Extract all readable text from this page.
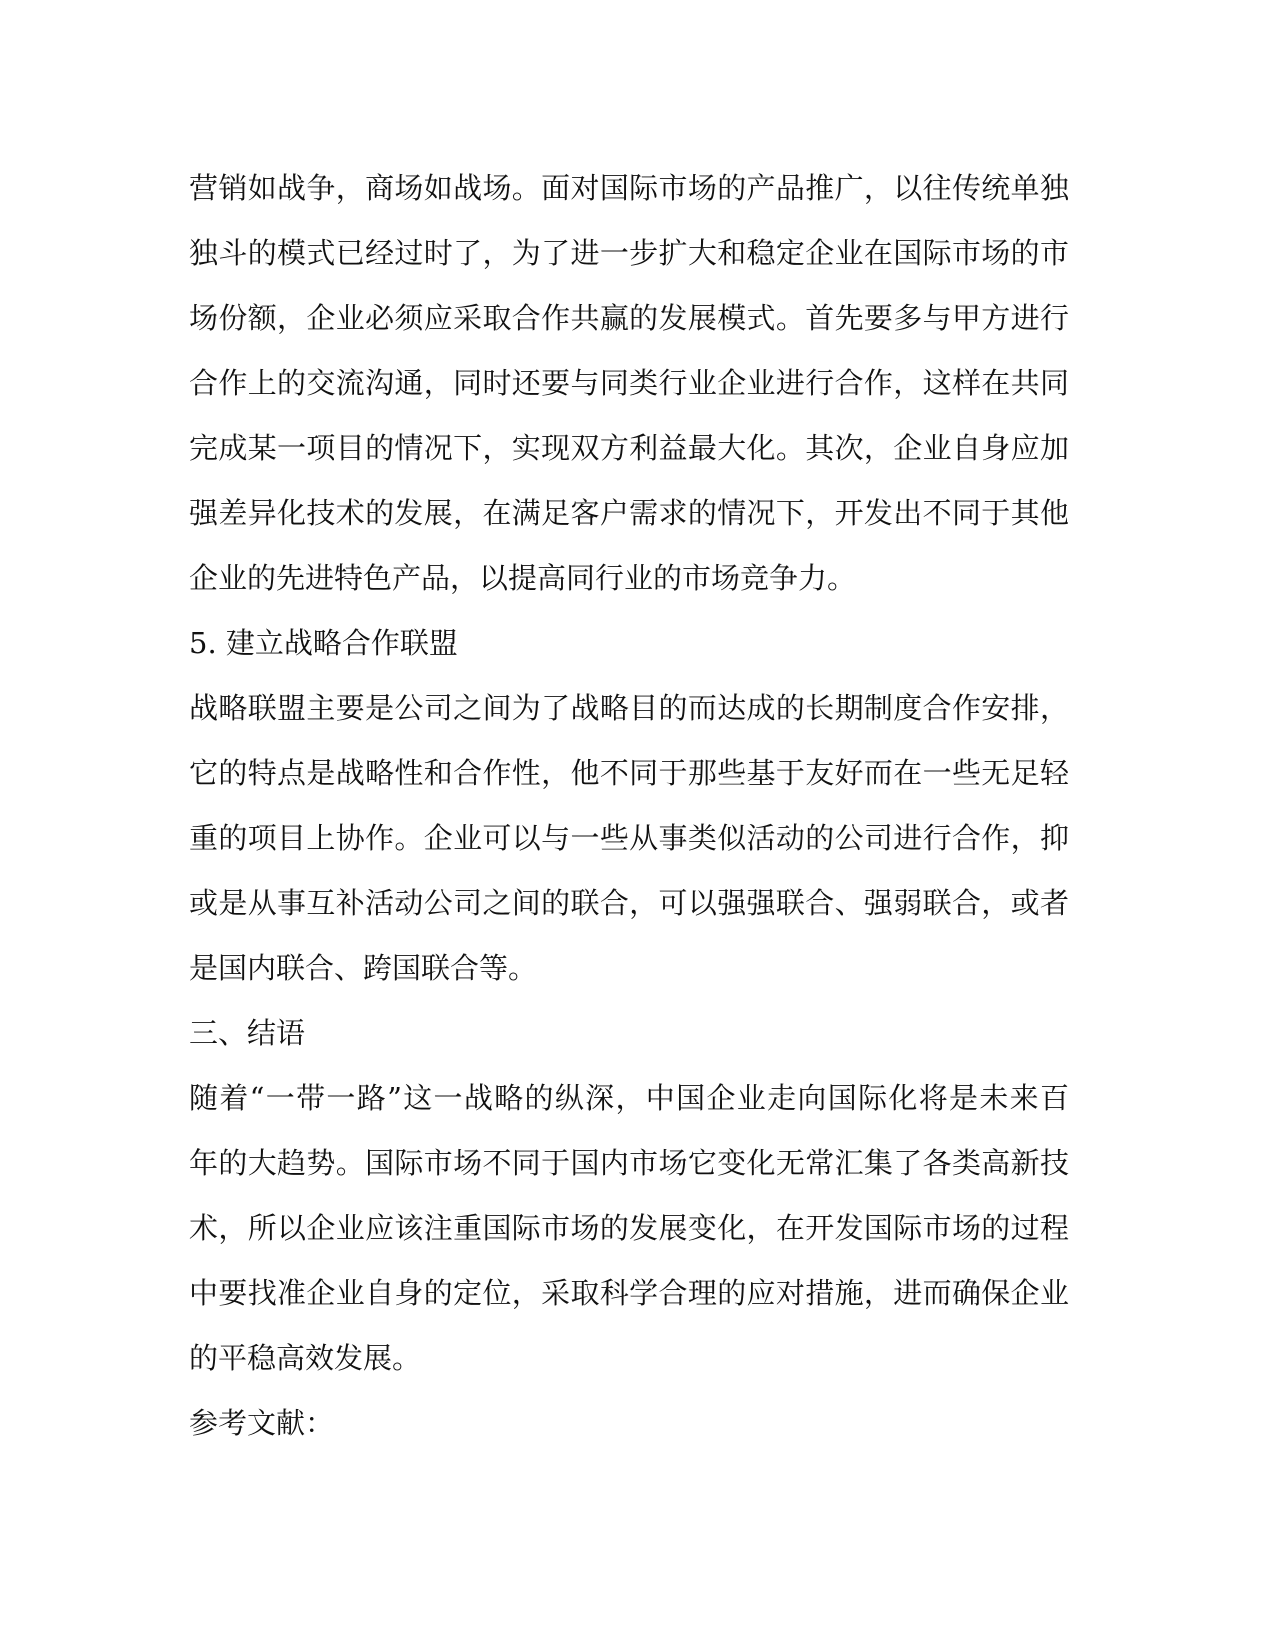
营销如战争，商场如战场。面对国际市场的产品推广，以往传统单独
独斗的模式已经过时了，为了进一步扩大和稳定企业在国际市场的市
场份额，企业必须应采取合作共赢的发展模式。首先要多与甲方进行
合作上的交流沟通，同时还要与同类行业企业进行合作，这样在共同
完成某一项目的情况下，实现双方利益最大化。其次，企业自身应加
强差异化技术的发展，在满足客户需求的情况下，开发出不同于其他
企业的先进特色产品，以提高同行业的市场竞争力。
5. 建立战略合作联盟
战略联盟主要是公司之间为了战略目的而达成的长期制度合作安排，
它的特点是战略性和合作性，他不同于那些基于友好而在一些无足轻
重的项目上协作。企业可以与一些从事类似活动的公司进行合作，抑
或是从事互补活动公司之间的联合，可以强强联合、强弱联合，或者
是国内联合、跨国联合等。
三、结语
随着“一带一路”这一战略的纵深，中国企业走向国际化将是未来百
年的大趋势。国际市场不同于国内市场它变化无常汇集了各类高新技
术，所以企业应该注重国际市场的发展变化，在开发国际市场的过程
中要找准企业自身的定位，采取科学合理的应对措施，进而确保企业
的平稳高效发展。
参考文献：
